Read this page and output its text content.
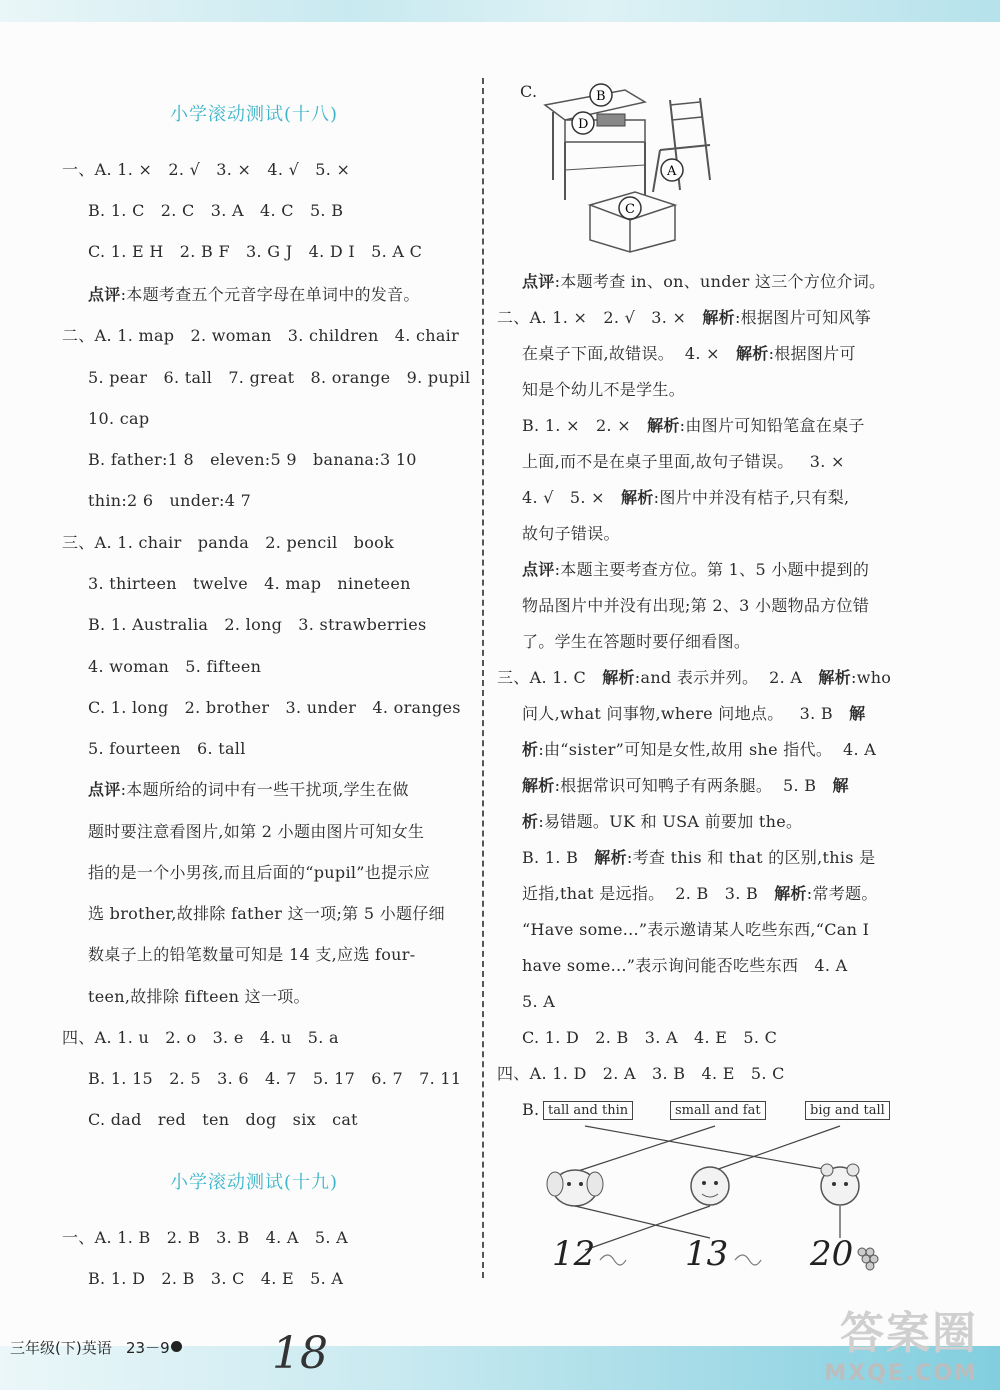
小学滚动测试(十八)
一、A. 1. ×   2. √   3. ×   4. √   5. ×
B. 1. C   2. C   3. A   4. C   5. B
C. 1. E H   2. B F   3. G J   4. D I   5. A C
点评:本题考查五个元音字母在单词中的发音。
二、A. 1. map   2. woman   3. children   4. chair
5. pear   6. tall   7. great   8. orange   9. pupil
10. cap
B. father:1 8   eleven:5 9   banana:3 10
thin:2 6   under:4 7
三、A. 1. chair   panda   2. pencil   book
3. thirteen   twelve   4. map   nineteen
B. 1. Australia   2. long   3. strawberries
4. woman   5. fifteen
C. 1. long   2. brother   3. under   4. oranges
5. fourteen   6. tall
点评:本题所给的词中有一些干扰项,学生在做
题时要注意看图片,如第 2 小题由图片可知女生
指的是一个小男孩,而且后面的“pupil”也提示应
选 brother,故排除 father 这一项;第 5 小题仔细
数桌子上的铅笔数量可知是 14 支,应选 four-
teen,故排除 fifteen 这一项。
四、A. 1. u   2. o   3. e   4. u   5. a
B. 1. 15   2. 5   3. 6   4. 7   5. 17   6. 7   7. 11
C. dad   red   ten   dog   six   cat
小学滚动测试(十九)
一、A. 1. B   2. B   3. B   4. A   5. A
B. 1. D   2. B   3. C   4. E   5. A
C.	B
D
A
C
点评:本题考查 in、on、under 这三个方位介词。
二、A. 1. ×   2. √   3. ×   解析:根据图片可知风筝
在桌子下面,故错误。  4. ×   解析:根据图片可
知是个幼儿不是学生。
B. 1. ×   2. ×   解析:由图片可知铅笔盒在桌子
上面,而不是在桌子里面,故句子错误。   3. ×
4. √   5. ×   解析:图片中并没有桔子,只有梨,
故句子错误。
点评:本题主要考查方位。第 1、5 小题中提到的
物品图片中并没有出现;第 2、3 小题物品方位错
了。学生在答题时要仔细看图。
三、A. 1. C   解析:and 表示并列。  2. A   解析:who
问人,what 问事物,where 问地点。   3. B   解
析:由“sister”可知是女性,故用 she 指代。  4. A
解析:根据常识可知鸭子有两条腿。  5. B   解
析:易错题。UK 和 USA 前要加 the。
B. 1. B   解析:考查 this 和 that 的区别,this 是
近指,that 是远指。  2. B   3. B   解析:常考题。
“Have some...”表示邀请某人吃些东西,“Can I
have some...”表示询问能否吃些东西   4. A
5. A
C. 1. D   2. B   3. A   4. E   5. C
四、A. 1. D   2. A   3. B   4. E   5. C
B. tall and thin	small and fat	big and tall
12	13 20
三年级(下)英语   23－9 18	答案圈
MXQE.COM
